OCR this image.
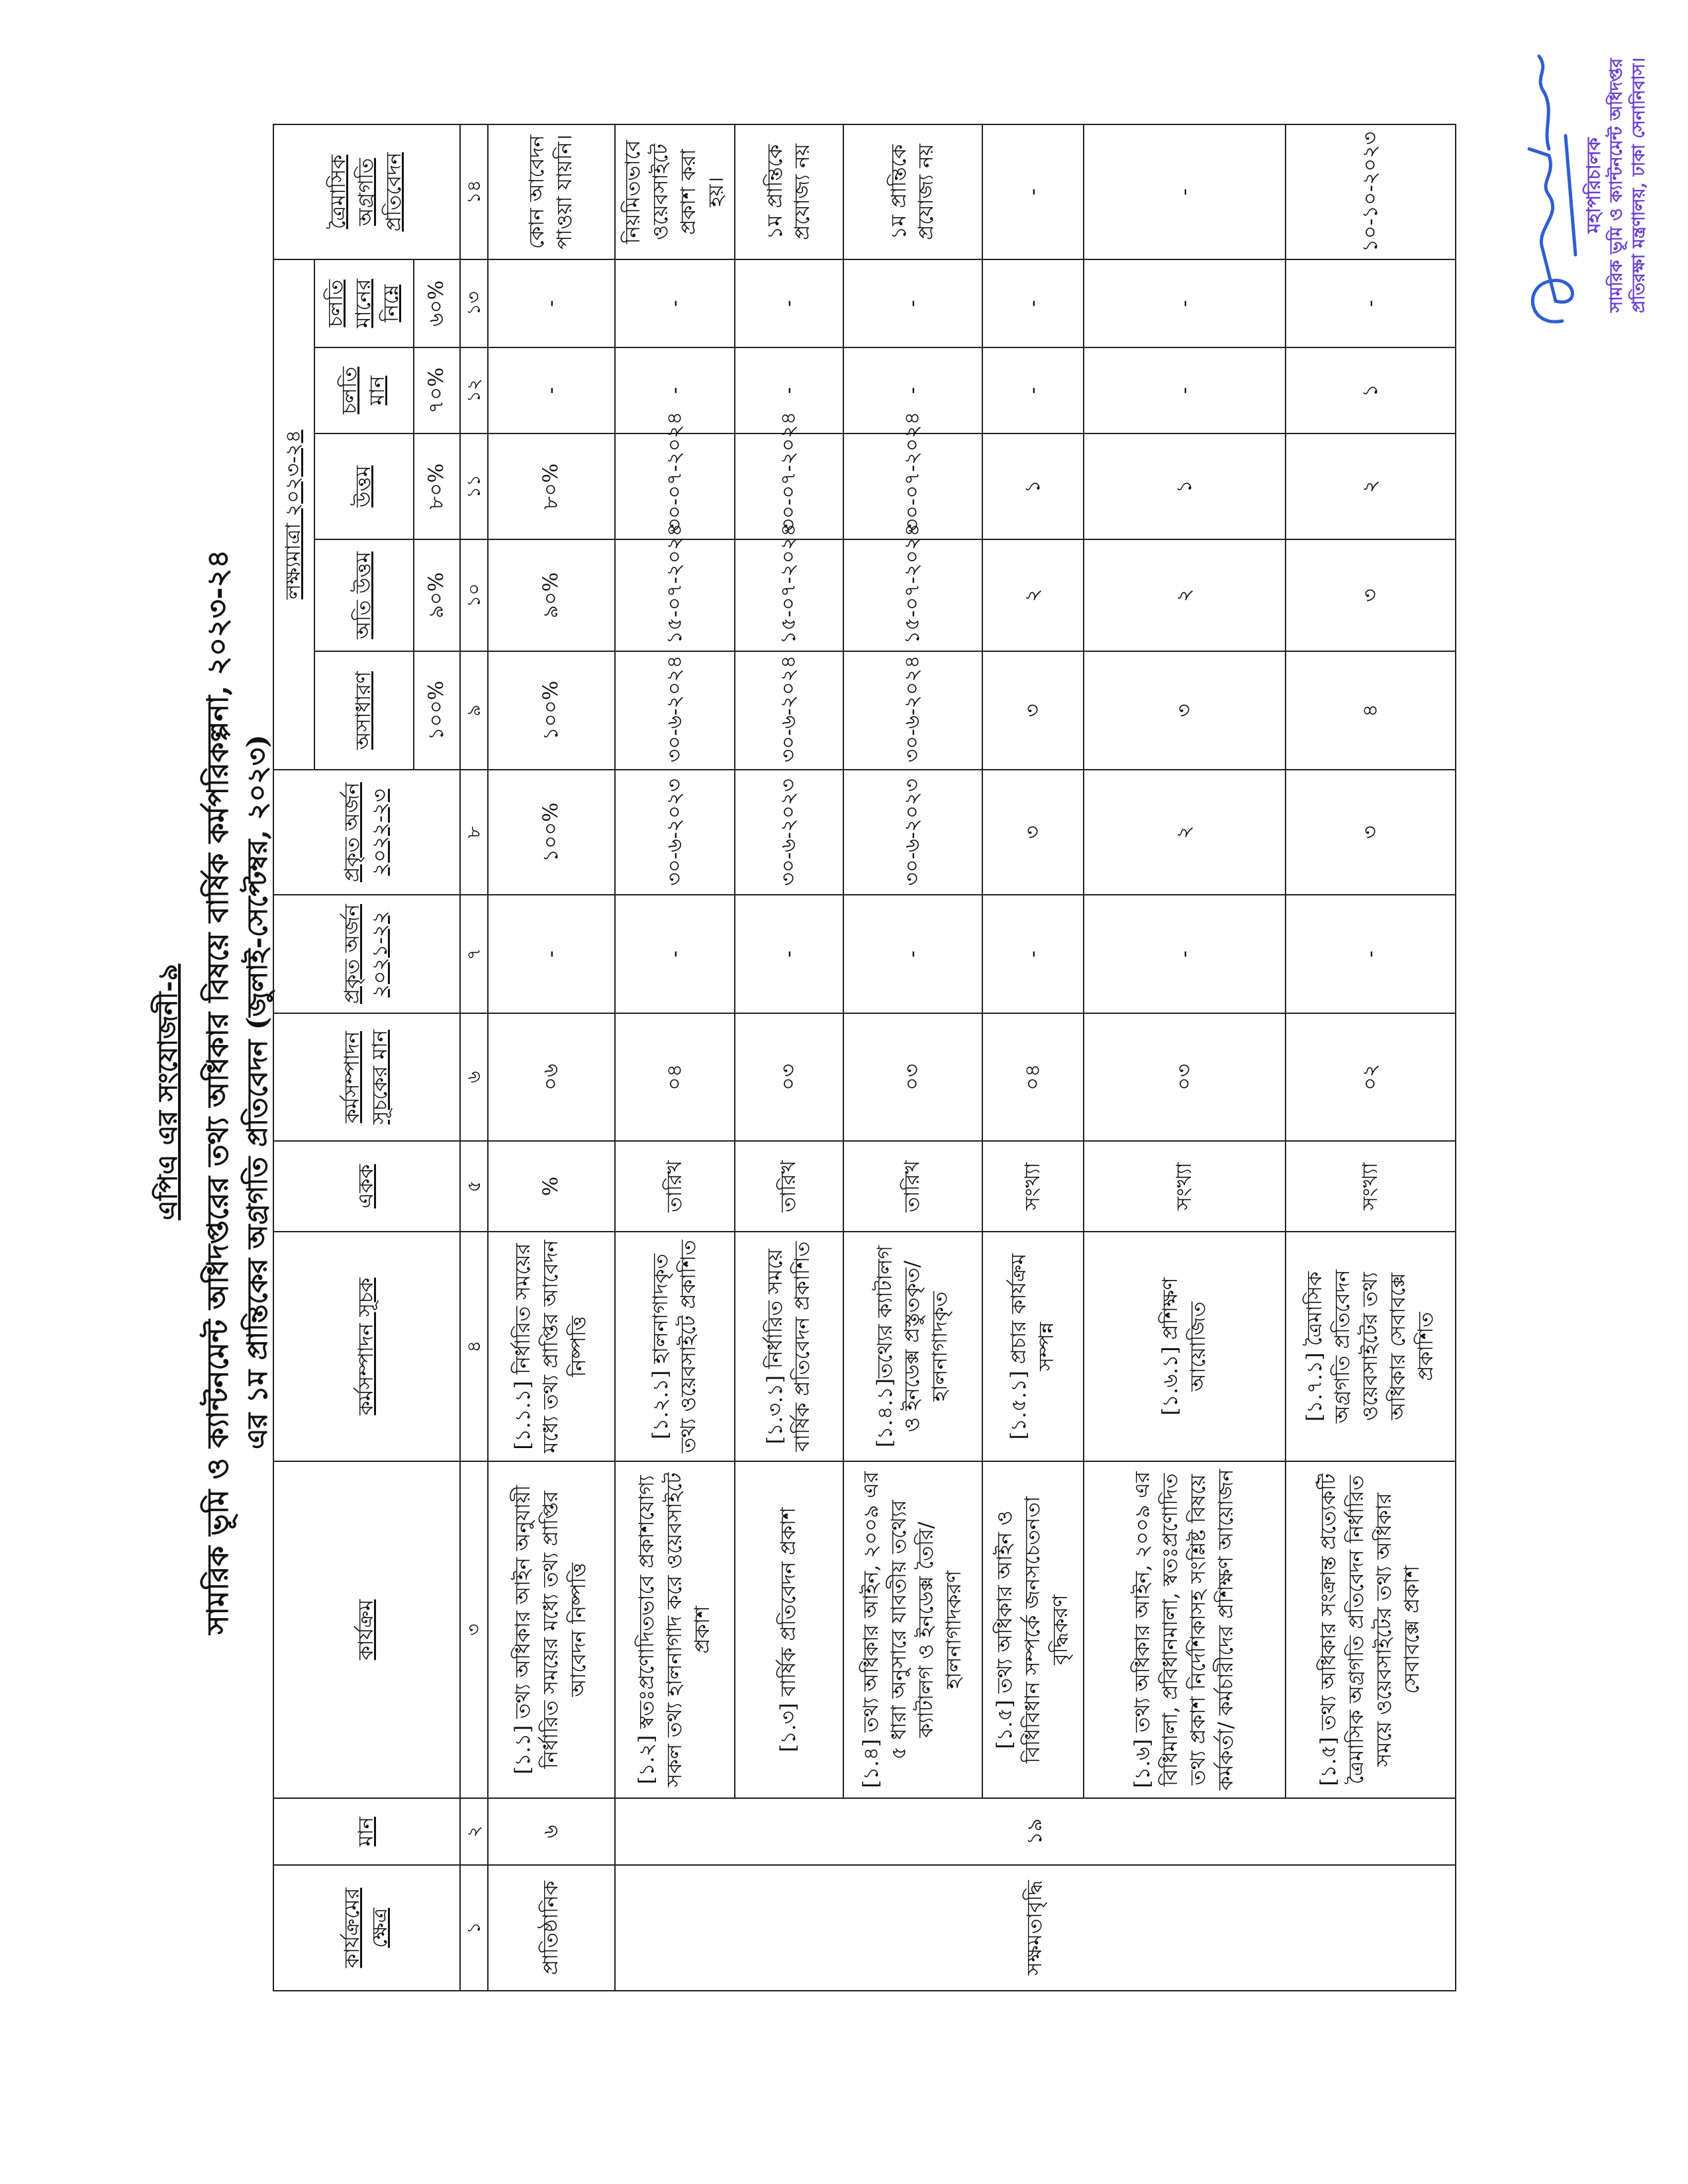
এপিএ এর সংযোজনী-৯ সামরিক ভূমি ও ক্যান্টনমেন্ট অধিদপ্তরের তথ্য অধিকার বিষয়ে বার্ষিক কর্মপরিকল্পনা, ২০২৩-২৪ এর ১ম প্রান্তিকের অগ্রগতি প্রতিবেদন (জুলাই-সেপ্টেম্বর, ২০২৩)
কার্যক্রমের ক্ষেত্র	মান	কার্যক্রম	কর্মসম্পাদন সূচক	একক	কর্মসম্পাদন সূচকের মান	প্রকৃত অর্জন ২০২১-২২	প্রকৃত অর্জন ২০২২-২৩	লক্ষ্যমাত্রা ২০২৩-২৪					ত্রৈমাসিক অগ্রগতি প্রতিবেদন
								অসাধারণ	অতি উত্তম	উত্তম	চলতি মান	চলতি মানের নিম্নে	
								১০০%	৯০%	৮০%	৭০%	৬০%	
১	২	৩	৪	৫	৬	৭	৮	৯	১০	১১	১২	১৩	১৪
প্রাতিষ্ঠানিক	৬	[১.১] তথ্য অধিকার আইন অনুযায়ী নির্ধারিত সময়ের মধ্যে তথ্য প্রাপ্তির আবেদন নিষ্পত্তি	[১.১.১] নির্ধারিত সময়ের মধ্যে তথ্য প্রাপ্তির আবেদন নিষ্পত্তি	%	০৬	-	১০০%	১০০%	৯০%	৮০%	-	-	কোন আবেদন পাওয়া যায়নি।
সক্ষমতাবৃদ্ধি	১৯	[১.২] স্বতঃপ্রণোদিতভাবে প্রকাশযোগ্য সকল তথ্য হালনাগাদ করে ওয়েবসাইটে প্রকাশ	[১.২.১] হালনাগাদকৃত তথ্য ওয়েবসাইটে প্রকাশিত	তারিখ	০৪	-	৩০-৬-২০২৩	৩০-৬-২০২৪	১৫-০৭-২০২৪	৩০-০৭-২০২৪	-	-	নিয়মিতভাবে ওয়েবসাইটে প্রকাশ করা হয়।
		[১.৩] বার্ষিক প্রতিবেদন প্রকাশ	[১.৩.১] নির্ধারিত সময়ে বার্ষিক প্রতিবেদন প্রকাশিত	তারিখ	০৩	-	৩০-৬-২০২৩	৩০-৬-২০২৪	১৫-০৭-২০২৪	৩০-০৭-২০২৪	-	-	১ম প্রান্তিকে প্রযোজ্য নয়
		[১.৪] তথ্য অধিকার আইন, ২০০৯ এর ৫ ধারা অনুসারে যাবতীয় তথ্যের ক্যাটালগ ও ইনডেক্স তৈরি/হালনাগাদকরণ	[১.৪.১]তথ্যের ক্যাটালগ ও ইনডেক্স প্রস্তুতকৃত/হালনাগাদকৃত	তারিখ	০৩	-	৩০-৬-২০২৩	৩০-৬-২০২৪	১৫-০৭-২০২৪	৩০-০৭-২০২৪	-	-	১ম প্রান্তিকে প্রযোজ্য নয়
		[১.৫] তথ্য অধিকার আইন ও বিধিবিধান সম্পর্কে জনসচেতনতা বৃদ্ধিকরণ	[১.৫.১] প্রচার কার্যক্রম সম্পন্ন	সংখ্যা	০৪	-	৩	৩	২	১	-	-	-
		[১.৬] তথ্য অধিকার আইন, ২০০৯ এর বিধিমালা, প্রবিধানমালা, স্বতঃপ্রণোদিত তথ্য প্রকাশ নির্দেশিকাসহ সংশ্লিষ্ট বিষয়ে কর্মকর্তা/ কর্মচারীদের প্রশিক্ষণ আয়োজন	[১.৬.১] প্রশিক্ষণ আয়োজিত	সংখ্যা	০৩	-	২	৩	২	১	-	-	-
		[১.৫] তথ্য অধিকার সংক্রান্ত প্রত্যেকটি ত্রৈমাসিক অগ্রগতি প্রতিবেদন নির্ধারিত সময়ে ওয়েবসাইটের তথ্য অধিকার সেবাবক্সে প্রকাশ	[১.৭.১] ত্রৈমাসিক অগ্রগতি প্রতিবেদন ওয়েবসাইটের তথ্য অধিকার সেবাবক্সে প্রকাশিত	সংখ্যা	০২	-	৩	৪	৩	২	১	-	১০-১০-২০২৩	মহাপরিচালক সামরিক ভূমি ও ক্যান্টনমেন্ট অধিদপ্তর প্রতিরক্ষা মন্ত্রণালয়, ঢাকা সেনানিবাস।
